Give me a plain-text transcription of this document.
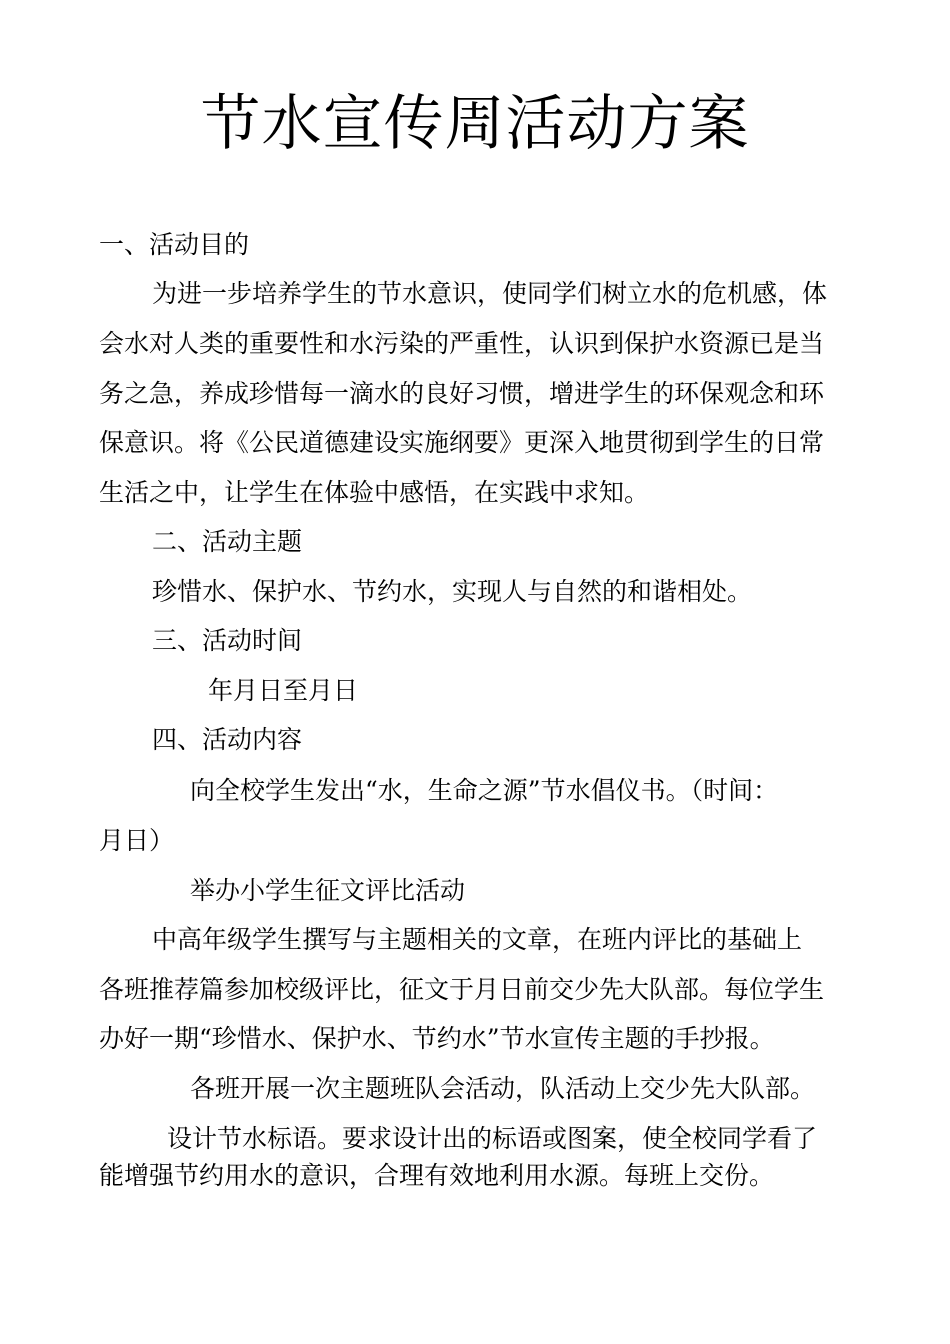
节水宣传周活动方案
一、活动目的
为进一步培养学生的节水意识，使同学们树立水的危机感，体
会水对人类的重要性和水污染的严重性，认识到保护水资源已是当
务之急，养成珍惜每一滴水的良好习惯，增进学生的环保观念和环
保意识。将《公民道德建设实施纲要》更深入地贯彻到学生的日常
生活之中，让学生在体验中感悟，在实践中求知。
二、活动主题
珍惜水、保护水、节约水，实现人与自然的和谐相处。
三、活动时间
年月日至月日
四、活动内容
向全校学生发出“水，生命之源”节水倡仪书。（时间：
月日）
举办小学生征文评比活动
中高年级学生撰写与主题相关的文章，在班内评比的基础上
各班推荐篇参加校级评比，征文于月日前交少先大队部。每位学生
办好一期“珍惜水、保护水、节约水”节水宣传主题的手抄报。
各班开展一次主题班队会活动，队活动上交少先大队部。
设计节水标语。要求设计出的标语或图案，使全校同学看了
能增强节约用水的意识，合理有效地利用水源。每班上交份。
